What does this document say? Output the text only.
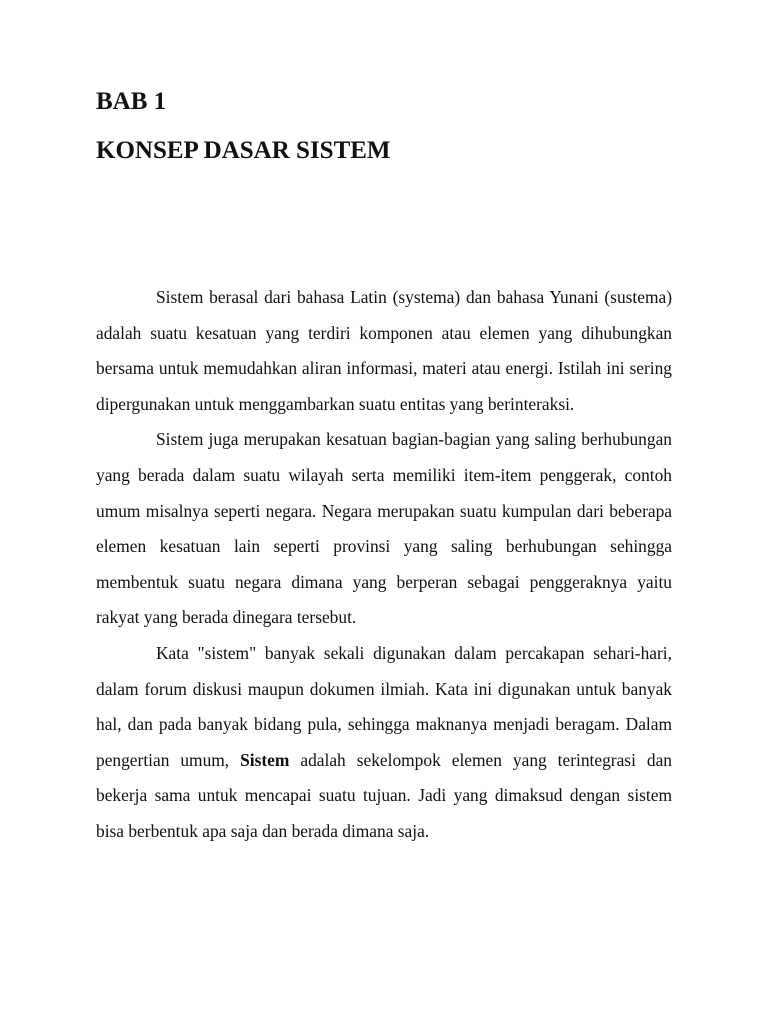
BAB 1
KONSEP DASAR SISTEM

Sistem berasal dari bahasa Latin (systema) dan bahasa Yunani (sustema) adalah suatu kesatuan yang terdiri komponen atau elemen yang dihubungkan bersama untuk memudahkan aliran informasi, materi atau energi. Istilah ini sering dipergunakan untuk menggambarkan suatu entitas yang berinteraksi.

Sistem juga merupakan kesatuan bagian-bagian yang saling berhubungan yang berada dalam suatu wilayah serta memiliki item-item penggerak, contoh umum misalnya seperti negara. Negara merupakan suatu kumpulan dari beberapa elemen kesatuan lain seperti provinsi yang saling berhubungan sehingga membentuk suatu negara dimana yang berperan sebagai penggeraknya yaitu rakyat yang berada dinegara tersebut.

Kata "sistem" banyak sekali digunakan dalam percakapan sehari-hari, dalam forum diskusi maupun dokumen ilmiah. Kata ini digunakan untuk banyak hal, dan pada banyak bidang pula, sehingga maknanya menjadi beragam. Dalam pengertian umum, Sistem adalah sekelompok elemen yang terintegrasi dan bekerja sama untuk mencapai suatu tujuan. Jadi yang dimaksud dengan sistem bisa berbentuk apa saja dan berada dimana saja.
